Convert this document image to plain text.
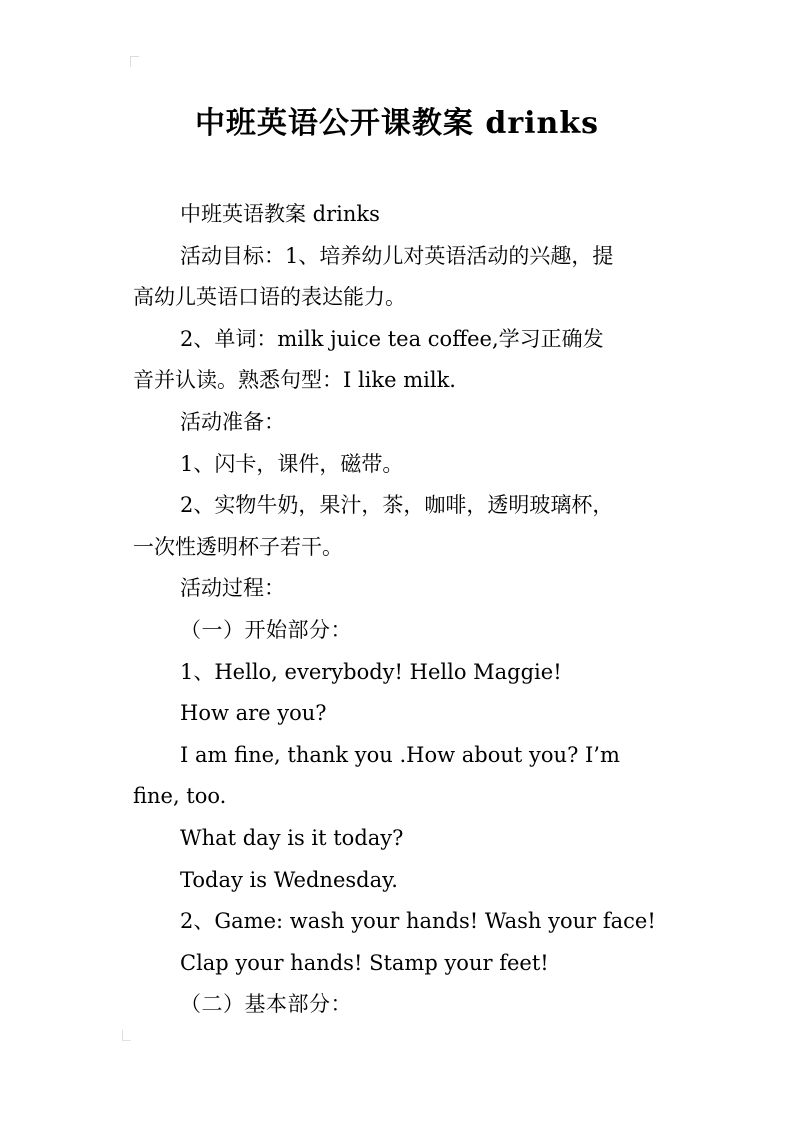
中班英语公开课教案 drinks
中班英语教案 drinks
活动目标：1、培养幼儿对英语活动的兴趣，提
高幼儿英语口语的表达能力。
2、单词：milk juice tea coffee,学习正确发
音并认读。熟悉句型：I like milk.
活动准备：
1、闪卡，课件，磁带。
2、实物牛奶，果汁，茶，咖啡，透明玻璃杯，
一次性透明杯子若干。
活动过程：
（一）开始部分：
1、Hello, everybody! Hello Maggie!
How are you?
I am fine, thank you .How about you? I’m
fine, too.
What day is it today?
Today is Wednesday.
2、Game: wash your hands! Wash your face!
Clap your hands! Stamp your feet!
（二）基本部分：
